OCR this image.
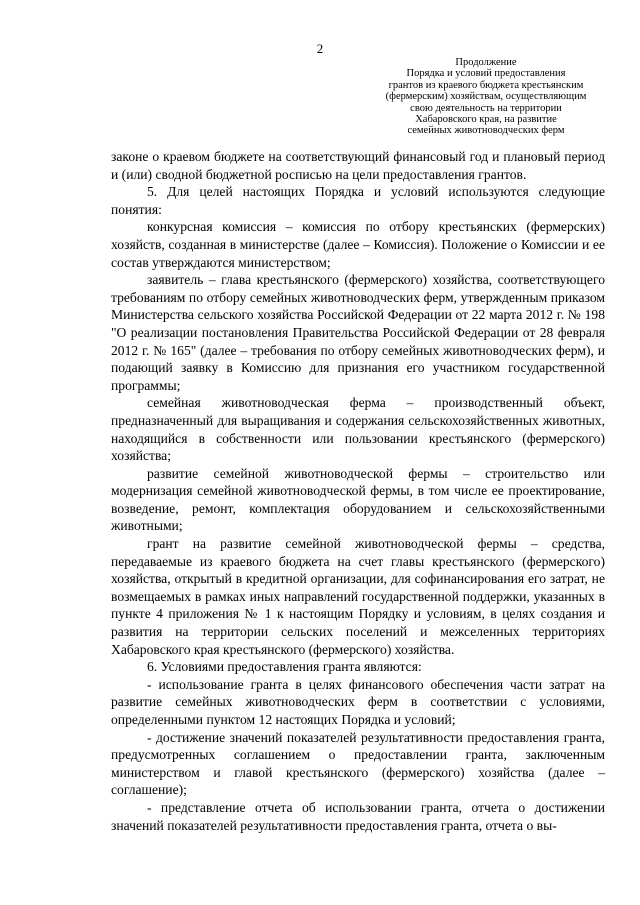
2
Продолжение
Порядка и условий предоставления
грантов из краевого бюджета крестьянским
(фермерским) хозяйствам, осуществляющим
свою деятельность на территории
Хабаровского края, на развитие
семейных животноводческих ферм

законе о краевом бюджете на соответствующий финансовый год и плановый период и (или) сводной бюджетной росписью на цели предоставления грантов.

5. Для целей настоящих Порядка и условий используются следующие понятия:

конкурсная комиссия – комиссия по отбору крестьянских (фермерских) хозяйств, созданная в министерстве (далее – Комиссия). Положение о Комиссии и ее состав утверждаются министерством;

заявитель – глава крестьянского (фермерского) хозяйства, соответствующего требованиям по отбору семейных животноводческих ферм, утвержденным приказом Министерства сельского хозяйства Российской Федерации от 22 марта 2012 г. № 198 "О реализации постановления Правительства Российской Федерации от 28 февраля 2012 г. № 165" (далее – требования по отбору семейных животноводческих ферм), и подающий заявку в Комиссию для признания его участником государственной программы;

семейная животноводческая ферма – производственный объект, предназначенный для выращивания и содержания сельскохозяйственных животных, находящийся в собственности или пользовании крестьянского (фермерского) хозяйства;

развитие семейной животноводческой фермы – строительство или модернизация семейной животноводческой фермы, в том числе ее проектирование, возведение, ремонт, комплектация оборудованием и сельскохозяйственными животными;

грант на развитие семейной животноводческой фермы – средства, передаваемые из краевого бюджета на счет главы крестьянского (фермерского) хозяйства, открытый в кредитной организации, для софинансирования его затрат, не возмещаемых в рамках иных направлений государственной поддержки, указанных в пункте 4 приложения № 1 к настоящим Порядку и условиям, в целях создания и развития на территории сельских поселений и межселенных территориях Хабаровского края крестьянского (фермерского) хозяйства.

6. Условиями предоставления гранта являются:

- использование гранта в целях финансового обеспечения части затрат на развитие семейных животноводческих ферм в соответствии с условиями, определенными пунктом 12 настоящих Порядка и условий;

- достижение значений показателей результативности предоставления гранта, предусмотренных соглашением о предоставлении гранта, заключенным министерством и главой крестьянского (фермерского) хозяйства (далее – соглашение);

- представление отчета об использовании гранта, отчета о достижении значений показателей результативности предоставления гранта, отчета о вы-
